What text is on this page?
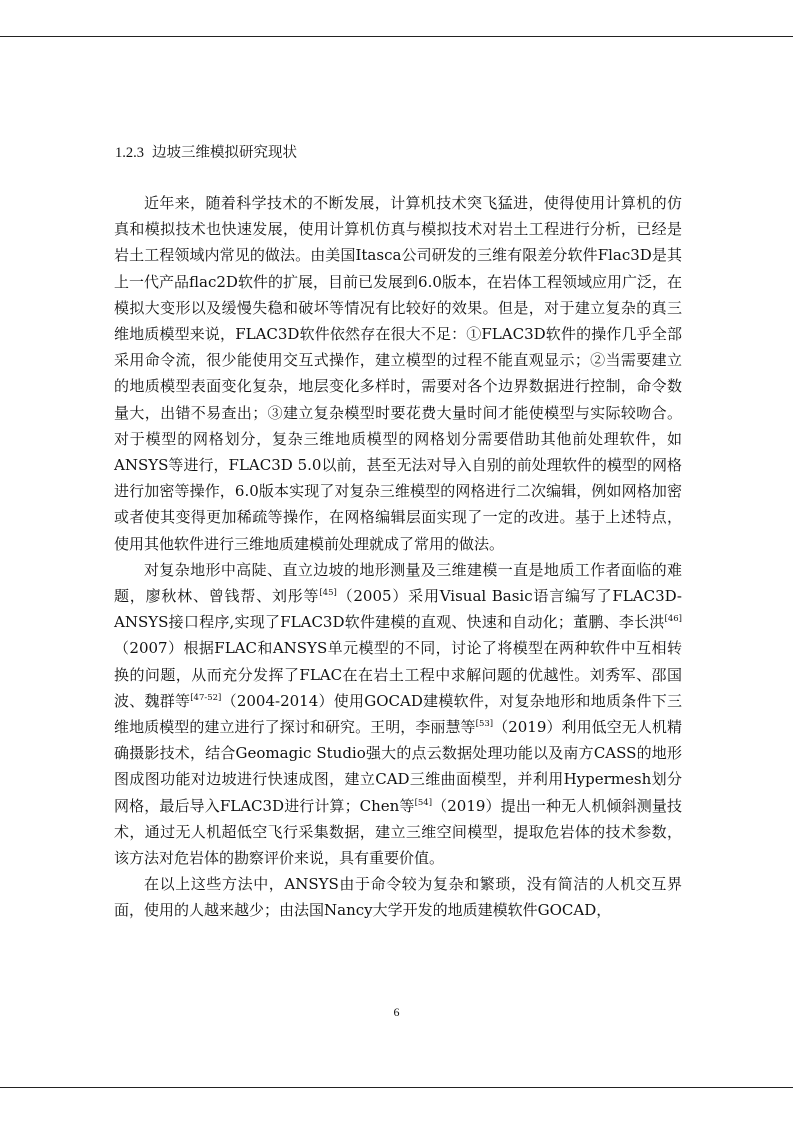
1.2.3 边坡三维模拟研究现状

近年来，随着科学技术的不断发展，计算机技术突飞猛进，使得使用计算机的仿真和模拟技术也快速发展，使用计算机仿真与模拟技术对岩土工程进行分析，已经是岩土工程领域内常见的做法。由美国Itasca公司研发的三维有限差分软件Flac3D是其上一代产品flac2D软件的扩展，目前已发展到6.0版本，在岩体工程领域应用广泛，在模拟大变形以及缓慢失稳和破坏等情况有比较好的效果。但是，对于建立复杂的真三维地质模型来说，FLAC3D软件依然存在很大不足：①FLAC3D软件的操作几乎全部采用命令流，很少能使用交互式操作，建立模型的过程不能直观显示；②当需要建立的地质模型表面变化复杂，地层变化多样时，需要对各个边界数据进行控制，命令数量大，出错不易查出；③建立复杂模型时要花费大量时间才能使模型与实际较吻合。对于模型的网格划分，复杂三维地质模型的网格划分需要借助其他前处理软件，如ANSYS等进行，FLAC3D 5.0以前，甚至无法对导入自别的前处理软件的模型的网格进行加密等操作，6.0版本实现了对复杂三维模型的网格进行二次编辑，例如网格加密或者使其变得更加稀疏等操作，在网格编辑层面实现了一定的改进。基于上述特点，使用其他软件进行三维地质建模前处理就成了常用的做法。

对复杂地形中高陡、直立边坡的地形测量及三维建模一直是地质工作者面临的难题，廖秋林、曾钱帮、刘彤等[45]（2005）采用Visual Basic语言编写了FLAC3D-ANSYS接口程序,实现了FLAC3D软件建模的直观、快速和自动化；董鹏、李长洪[46]（2007）根据FLAC和ANSYS单元模型的不同，讨论了将模型在两种软件中互相转换的问题，从而充分发挥了FLAC在在岩土工程中求解问题的优越性。刘秀军、邵国波、魏群等[47-52]（2004-2014）使用GOCAD建模软件，对复杂地形和地质条件下三维地质模型的建立进行了探讨和研究。王明，李丽慧等[53]（2019）利用低空无人机精确摄影技术，结合Geomagic Studio强大的点云数据处理功能以及南方CASS的地形图成图功能对边坡进行快速成图，建立CAD三维曲面模型，并利用Hypermesh划分网格，最后导入FLAC3D进行计算；Chen等[54]（2019）提出一种无人机倾斜测量技术，通过无人机超低空飞行采集数据，建立三维空间模型，提取危岩体的技术参数，该方法对危岩体的勘察评价来说，具有重要价值。

在以上这些方法中，ANSYS由于命令较为复杂和繁琐，没有简洁的人机交互界面，使用的人越来越少；由法国Nancy大学开发的地质建模软件GOCAD，

6
